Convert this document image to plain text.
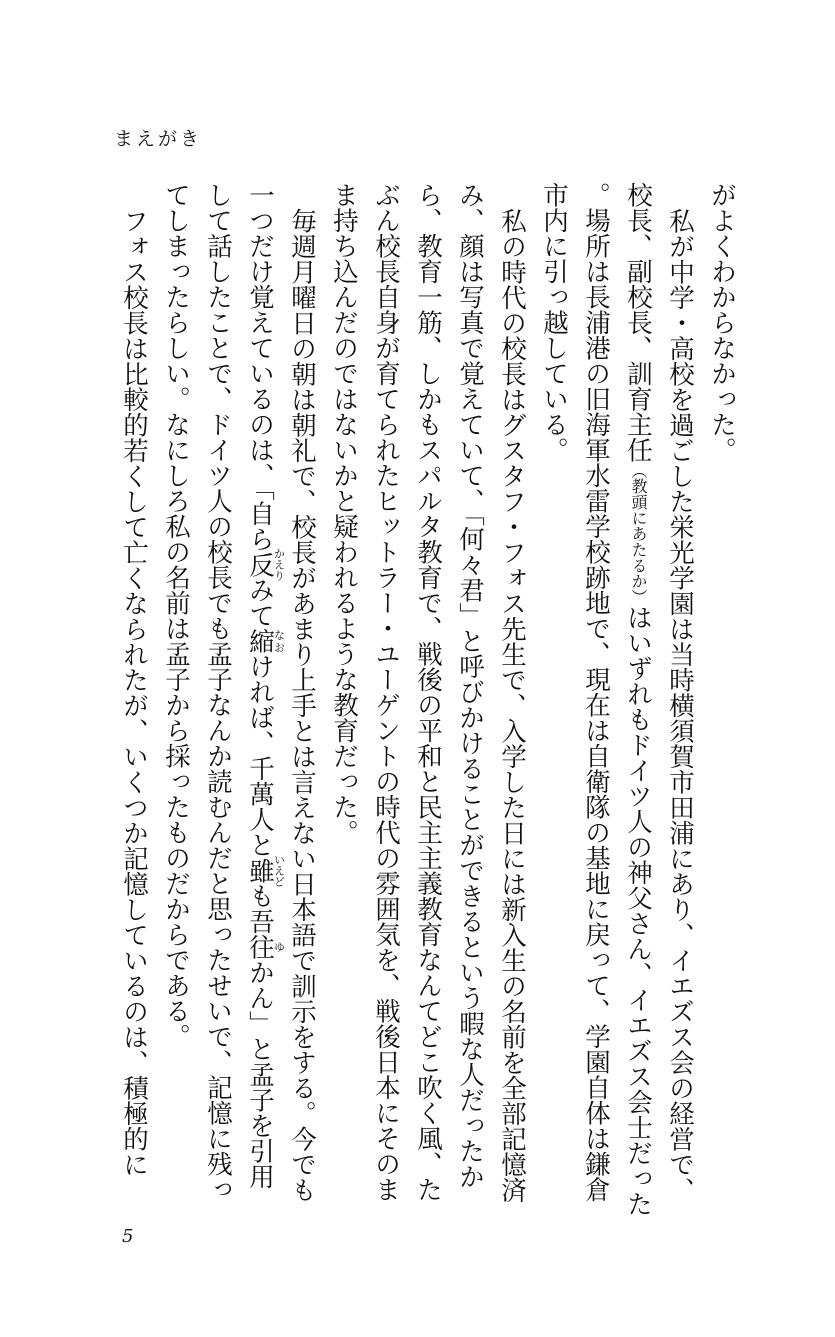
まえがき

がよくわからなかった。

私が中学・高校を過ごした栄光学園は当時横須賀市田浦にあり、イエズス会の経営で、
校長、副校長、訓育主任（教頭にあたるか）はいずれもドイツ人の神父さん、イエズス会士だった
。場所は長浦港の旧海軍水雷学校跡地で、現在は自衛隊の基地に戻って、学園自体は鎌倉
市内に引っ越している。

私の時代の校長はグスタフ・フォス先生で、入学した日には新入生の名前を全部記憶済
み、顔は写真で覚えていて、「何々君」と呼びかけることができるという暇な人だったか
ら、教育一筋、しかもスパルタ教育で、戦後の平和と民主主義教育なんてどこ吹く風、た
ぶん校長自身が育てられたヒットラー・ユーゲントの時代の雰囲気を、戦後日本にそのま
ま持ち込んだのではないかと疑われるような教育だった。

毎週月曜日の朝は朝礼で、校長があまり上手とは言えない日本語で訓示をする。今でも
一つだけ覚えているのは、「自ら反かえりみて縮なおければ、千萬人と雖いえども吾往ゆかん」と孟子を引用
して話したことで、ドイツ人の校長でも孟子なんか読むんだと思ったせいで、記憶に残っ
てしまったらしい。なにしろ私の名前は孟子から採ったものだからである。

フォス校長は比較的若くして亡くなられたが、いくつか記憶しているのは、積極的に

5
